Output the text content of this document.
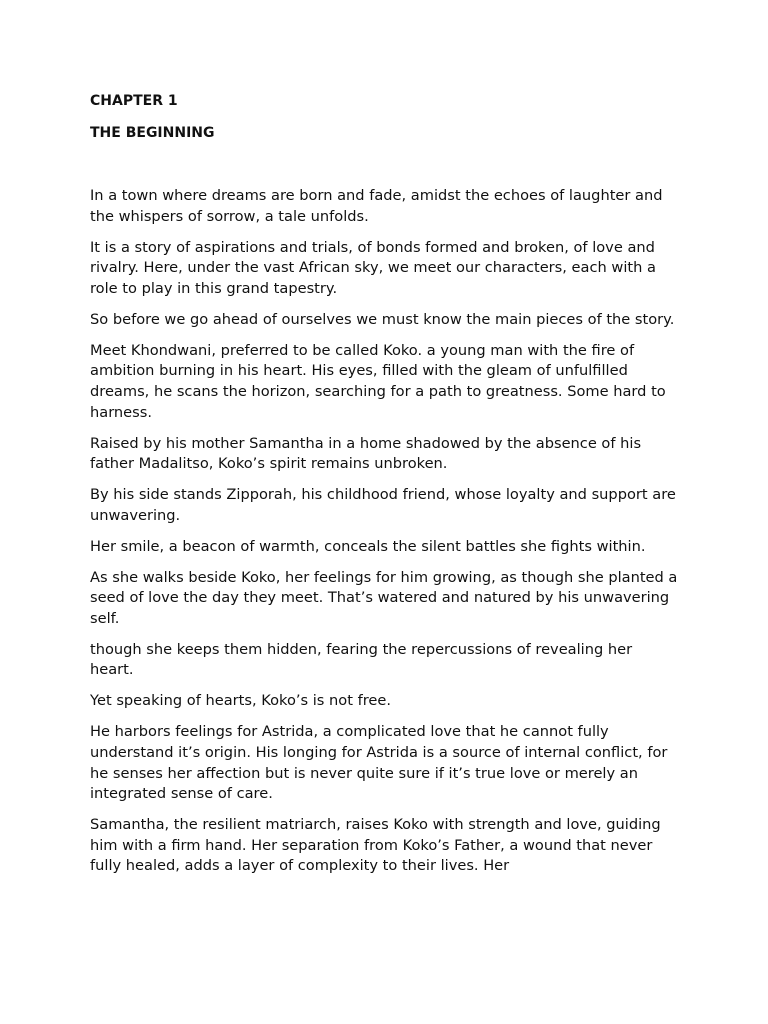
CHAPTER 1
THE BEGINNING

In a town where dreams are born and fade, amidst the echoes of laughter and the whispers of sorrow, a tale unfolds.

It is a story of aspirations and trials, of bonds formed and broken, of love and rivalry. Here, under the vast African sky, we meet our characters, each with a role to play in this grand tapestry.

So before we go ahead of ourselves we must know the main pieces of the story.

Meet Khondwani, preferred to be called Koko. a young man with the fire of ambition burning in his heart. His eyes, filled with the gleam of unfulfilled dreams, he scans the horizon, searching for a path to greatness. Some hard to harness.

Raised by his mother Samantha in a home shadowed by the absence of his father Madalitso, Koko’s spirit remains unbroken.

By his side stands Zipporah, his childhood friend, whose loyalty and support are unwavering.

Her smile, a beacon of warmth, conceals the silent battles she fights within.

As she walks beside Koko, her feelings for him growing, as though she planted a seed of love the day they meet. That’s watered and natured by his unwavering self.

though she keeps them hidden, fearing the repercussions of revealing her heart.

Yet speaking of hearts, Koko’s is not free.

He harbors feelings for Astrida, a complicated love that he cannot fully understand it’s origin. His longing for Astrida is a source of internal conflict, for he senses her affection but is never quite sure if it’s true love or merely an integrated sense of care.

Samantha, the resilient matriarch, raises Koko with strength and love, guiding him with a firm hand. Her separation from Koko’s Father, a wound that never fully healed, adds a layer of complexity to their lives. Her
